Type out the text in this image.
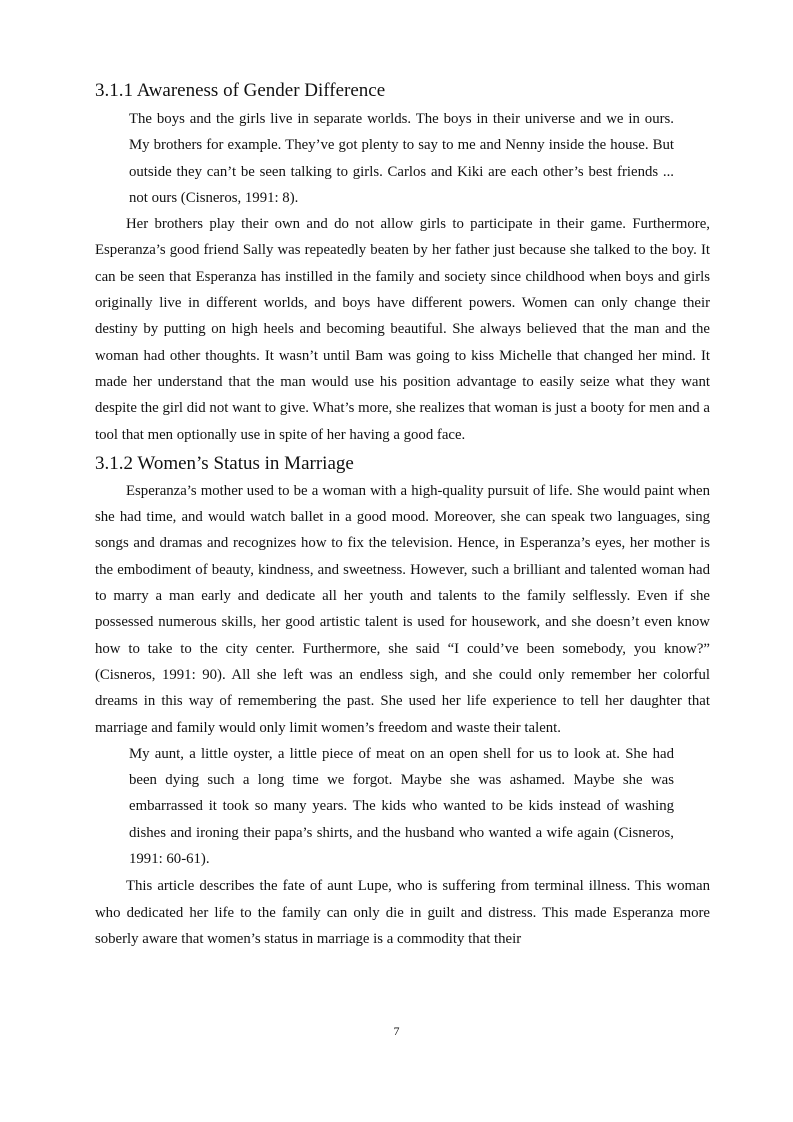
3.1.1 Awareness of Gender Difference

The boys and the girls live in separate worlds. The boys in their universe and we in ours. My brothers for example. They’ve got plenty to say to me and Nenny inside the house. But outside they can’t be seen talking to girls. Carlos and Kiki are each other’s best friends ... not ours (Cisneros, 1991: 8).

Her brothers play their own and do not allow girls to participate in their game. Furthermore, Esperanza’s good friend Sally was repeatedly beaten by her father just because she talked to the boy. It can be seen that Esperanza has instilled in the family and society since childhood when boys and girls originally live in different worlds, and boys have different powers. Women can only change their destiny by putting on high heels and becoming beautiful. She always believed that the man and the woman had other thoughts. It wasn’t until Bam was going to kiss Michelle that changed her mind. It made her understand that the man would use his position advantage to easily seize what they want despite the girl did not want to give. What’s more, she realizes that woman is just a booty for men and a tool that men optionally use in spite of her having a good face.

3.1.2 Women’s Status in Marriage

Esperanza’s mother used to be a woman with a high-quality pursuit of life. She would paint when she had time, and would watch ballet in a good mood. Moreover, she can speak two languages, sing songs and dramas and recognizes how to fix the television. Hence, in Esperanza’s eyes, her mother is the embodiment of beauty, kindness, and sweetness. However, such a brilliant and talented woman had to marry a man early and dedicate all her youth and talents to the family selflessly. Even if she possessed numerous skills, her good artistic talent is used for housework, and she doesn’t even know how to take to the city center. Furthermore, she said “I could’ve been somebody, you know?” (Cisneros, 1991: 90). All she left was an endless sigh, and she could only remember her colorful dreams in this way of remembering the past. She used her life experience to tell her daughter that marriage and family would only limit women’s freedom and waste their talent.

My aunt, a little oyster, a little piece of meat on an open shell for us to look at. She had been dying such a long time we forgot. Maybe she was ashamed. Maybe she was embarrassed it took so many years. The kids who wanted to be kids instead of washing dishes and ironing their papa’s shirts, and the husband who wanted a wife again (Cisneros, 1991: 60-61).

This article describes the fate of aunt Lupe, who is suffering from terminal illness. This woman who dedicated her life to the family can only die in guilt and distress. This made Esperanza more soberly aware that women’s status in marriage is a commodity that their

7
